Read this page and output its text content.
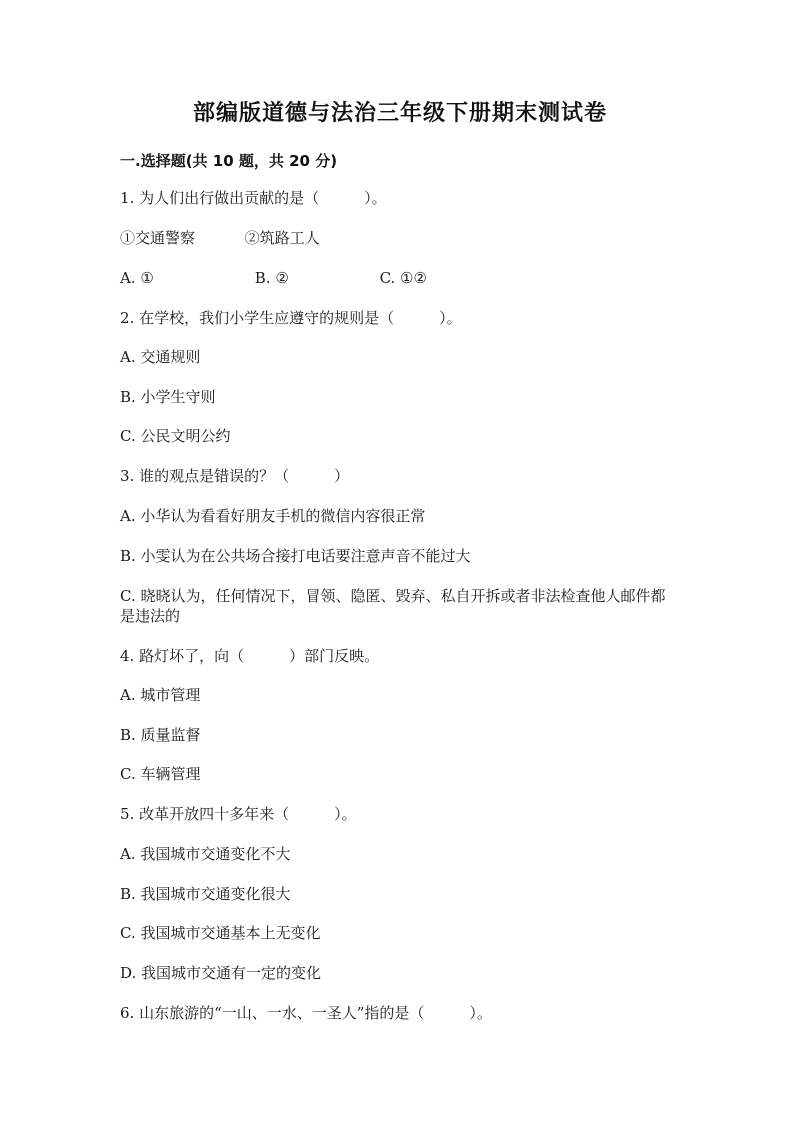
部编版道德与法治三年级下册期末测试卷
一.选择题(共 10 题，共 20 分)
1. 为人们出行做出贡献的是（　　　）。
①交通警察	②筑路工人
A. ①	B. ②	C. ①②
2. 在学校，我们小学生应遵守的规则是（　　　）。
A. 交通规则
B. 小学生守则
C. 公民文明公约
3. 谁的观点是错误的？（　　　）
A. 小华认为看看好朋友手机的微信内容很正常
B. 小雯认为在公共场合接打电话要注意声音不能过大
C. 晓晓认为，任何情况下，冒领、隐匿、毁弃、私自开拆或者非法检查他人邮件都是违法的
4. 路灯坏了，向（　　　）部门反映。
A. 城市管理
B. 质量监督
C. 车辆管理
5. 改革开放四十多年来（　　　）。
A. 我国城市交通变化不大
B. 我国城市交通变化很大
C. 我国城市交通基本上无变化
D. 我国城市交通有一定的变化
6. 山东旅游的“一山、一水、一圣人”指的是（　　　）。
